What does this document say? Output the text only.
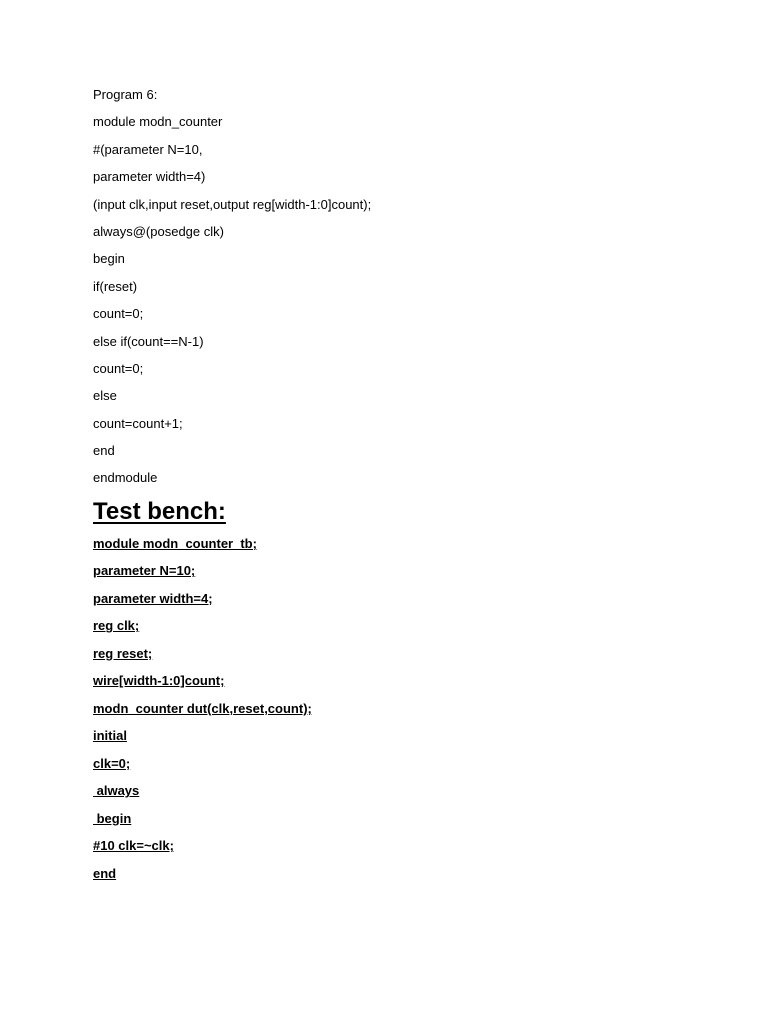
Program 6:
module modn_counter
#(parameter N=10,
parameter width=4)
(input clk,input reset,output reg[width-1:0]count);
always@(posedge clk)
begin
if(reset)
count=0;
else if(count==N-1)
count=0;
else
count=count+1;
end
endmodule
Test bench:
module modn_counter_tb;
parameter N=10;
parameter width=4;
reg clk;
reg reset;
wire[width-1:0]count;
modn_counter dut(clk,reset,count);
initial
clk=0;
always
begin
#10 clk=~clk;
end
